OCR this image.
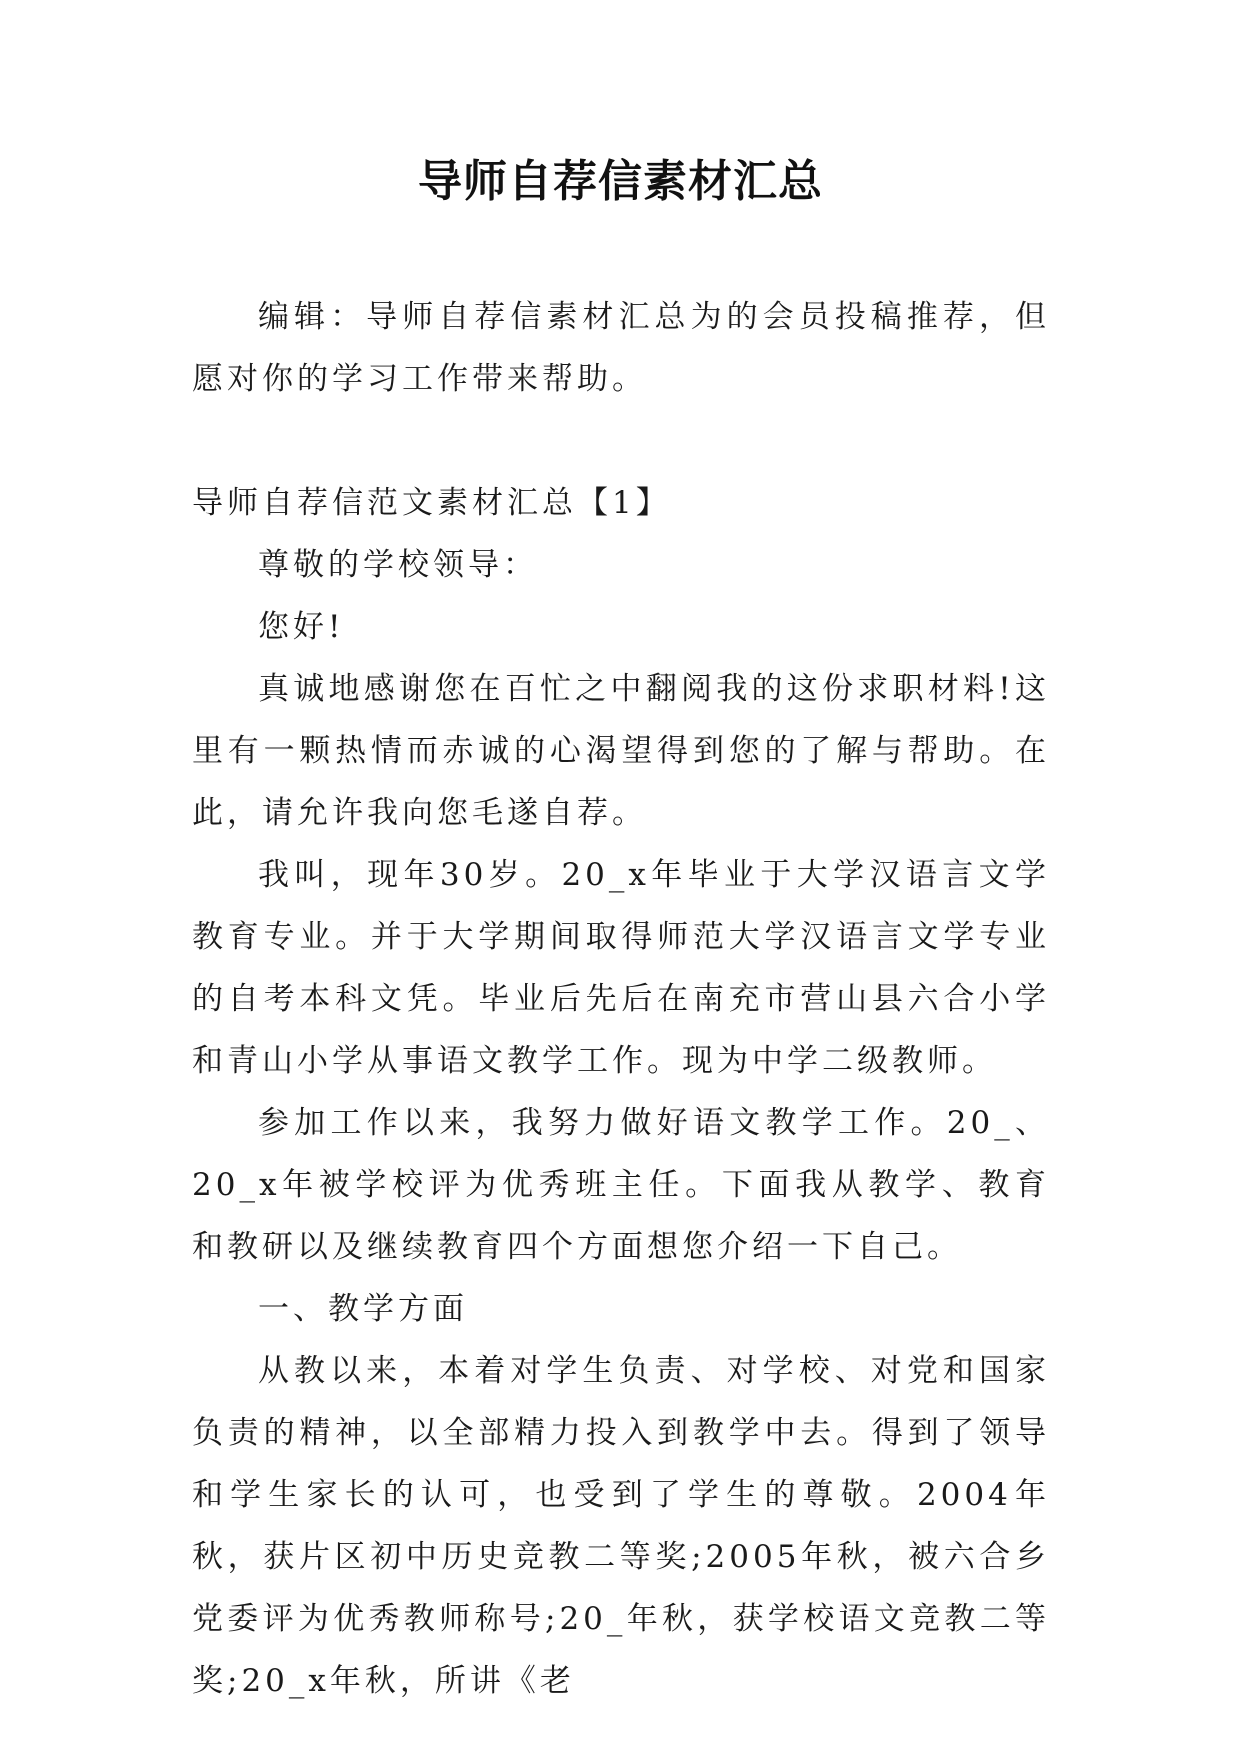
导师自荐信素材汇总

编辑：导师自荐信素材汇总为的会员投稿推荐，但愿对你的学习工作带来帮助。

导师自荐信范文素材汇总【1】

尊敬的学校领导：

您好!

真诚地感谢您在百忙之中翻阅我的这份求职材料!这里有一颗热情而赤诚的心渴望得到您的了解与帮助。在此，请允许我向您毛遂自荐。

我叫，现年30岁。20_x年毕业于大学汉语言文学教育专业。并于大学期间取得师范大学汉语言文学专业的自考本科文凭。毕业后先后在南充市营山县六合小学和青山小学从事语文教学工作。现为中学二级教师。

参加工作以来，我努力做好语文教学工作。20_、20_x年被学校评为优秀班主任。下面我从教学、教育和教研以及继续教育四个方面想您介绍一下自己。

一、教学方面

从教以来，本着对学生负责、对学校、对党和国家负责的精神，以全部精力投入到教学中去。得到了领导和学生家长的认可，也受到了学生的尊敬。2004年秋，获片区初中历史竞教二等奖;2005年秋，被六合乡党委评为优秀教师称号;20_年秋，获学校语文竞教二等奖;20_x年秋，所讲《老
